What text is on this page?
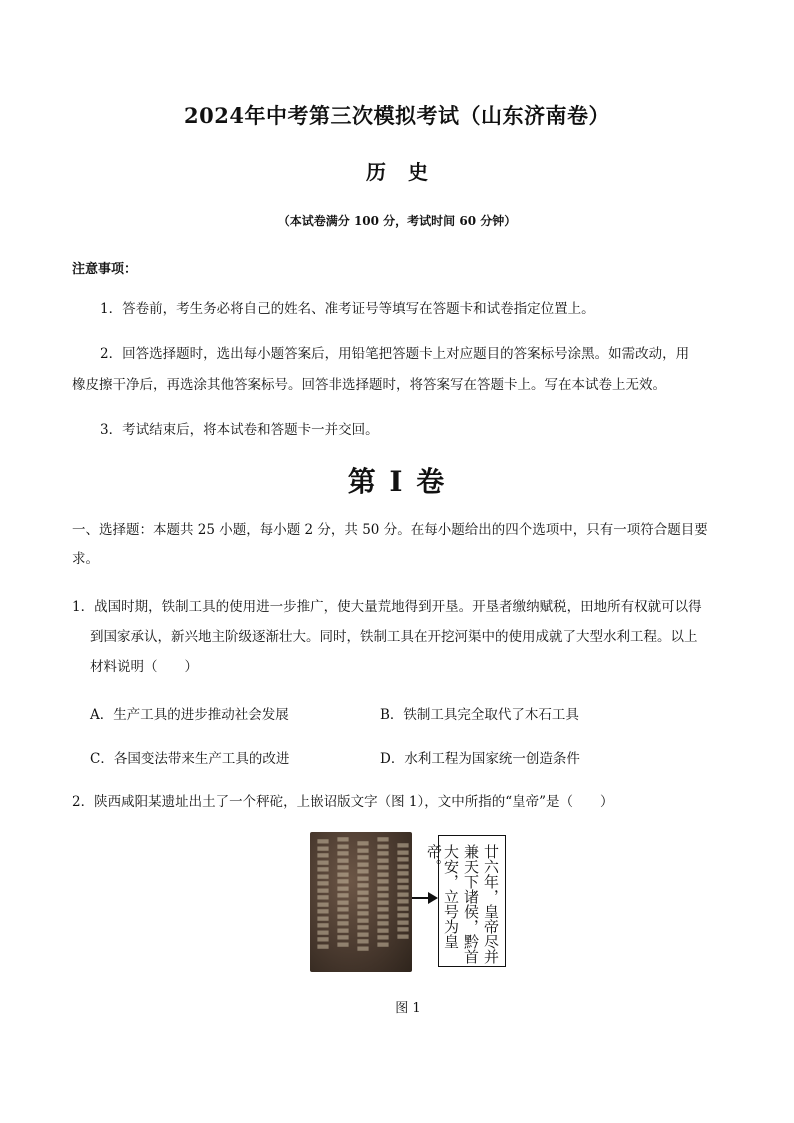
2024年中考第三次模拟考试（山东济南卷）
历史
（本试卷满分 100 分，考试时间 60 分钟）
注意事项：
1．答卷前，考生务必将自己的姓名、准考证号等填写在答题卡和试卷指定位置上。
2．回答选择题时，选出每小题答案后，用铅笔把答题卡上对应题目的答案标号涂黑。如需改动，用
橡皮擦干净后，再选涂其他答案标号。回答非选择题时，将答案写在答题卡上。写在本试卷上无效。
3．考试结束后，将本试卷和答题卡一并交回。
第 I 卷
一、选择题：本题共 25 小题，每小题 2 分，共 50 分。在每小题给出的四个选项中，只有一项符合题目要
求。
1．战国时期，铁制工具的使用进一步推广，使大量荒地得到开垦。开垦者缴纳赋税，田地所有权就可以得
到国家承认，新兴地主阶级逐渐壮大。同时，铁制工具在开挖河渠中的使用成就了大型水利工程。以上
材料说明（　　）
A．生产工具的进步推动社会发展	B．铁制工具完全取代了木石工具
C．各国变法带来生产工具的改进	D．水利工程为国家统一创造条件
2．陕西咸阳某遗址出土了一个秤砣，上嵌诏版文字（图 1），文中所指的“皇帝”是（　　）
〓〓〓〓〓〓〓〓 〓〓〓〓〓〓〓〓 〓〓〓〓〓〓〓〓 〓〓〓〓〓〓〓〓 〓〓〓〓〓〓〓	廿六年，皇帝尽并
兼天下诸侯，黔首
大安，立号为皇帝。
图 1
